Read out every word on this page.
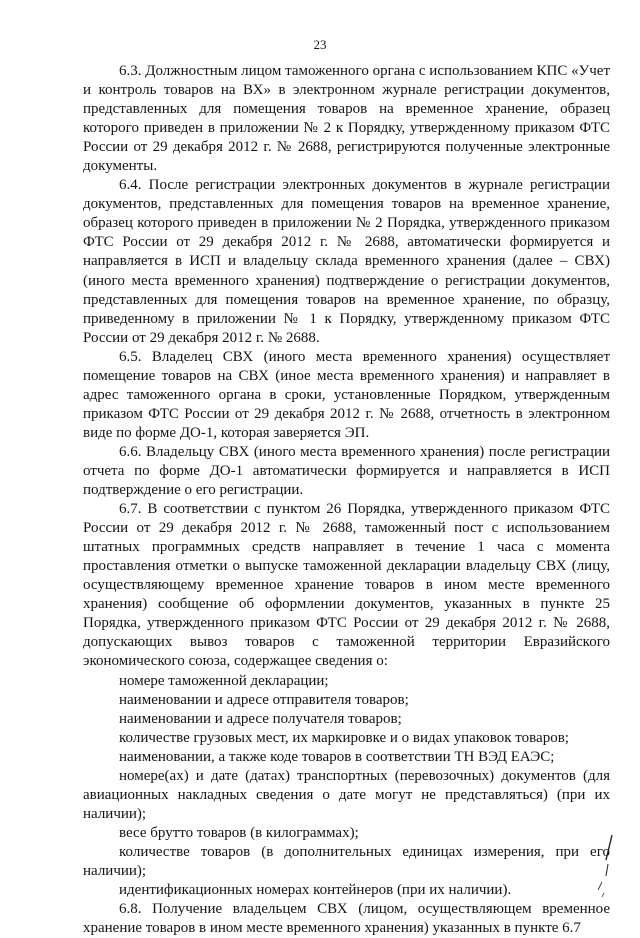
23

6.3. Должностным лицом таможенного органа с использованием КПС «Учет и контроль товаров на ВХ» в электронном журнале регистрации документов, представленных для помещения товаров на временное хранение, образец которого приведен в приложении № 2 к Порядку, утвержденному приказом ФТС России от 29 декабря 2012 г. № 2688, регистрируются полученные электронные документы.

6.4. После регистрации электронных документов в журнале регистрации документов, представленных для помещения товаров на временное хранение, образец которого приведен в приложении № 2 Порядка, утвержденного приказом ФТС России от 29 декабря 2012 г. № 2688, автоматически формируется и направляется в ИСП и владельцу склада временного хранения (далее – СВХ) (иного места временного хранения) подтверждение о регистрации документов, представленных для помещения товаров на временное хранение, по образцу, приведенному в приложении № 1 к Порядку, утвержденному приказом ФТС России от 29 декабря 2012 г. № 2688.

6.5. Владелец СВХ (иного места временного хранения) осуществляет помещение товаров на СВХ (иное места временного хранения) и направляет в адрес таможенного органа в сроки, установленные Порядком, утвержденным приказом ФТС России от 29 декабря 2012 г. № 2688, отчетность в электронном виде по форме ДО-1, которая заверяется ЭП.

6.6. Владельцу СВХ (иного места временного хранения) после регистрации отчета по форме ДО-1 автоматически формируется и направляется в ИСП подтверждение о его регистрации.

6.7. В соответствии с пунктом 26 Порядка, утвержденного приказом ФТС России от 29 декабря 2012 г. № 2688, таможенный пост с использованием штатных программных средств направляет в течение 1 часа с момента проставления отметки о выпуске таможенной декларации владельцу СВХ (лицу, осуществляющему временное хранение товаров в ином месте временного хранения) сообщение об оформлении документов, указанных в пункте 25 Порядка, утвержденного приказом ФТС России от 29 декабря 2012 г. № 2688, допускающих вывоз товаров с таможенной территории Евразийского экономического союза, содержащее сведения о:

номере таможенной декларации;

наименовании и адресе отправителя товаров;

наименовании и адресе получателя товаров;

количестве грузовых мест, их маркировке и о видах упаковок товаров;

наименовании, а также коде товаров в соответствии ТН ВЭД ЕАЭС;

номере(ах) и дате (датах) транспортных (перевозочных) документов (для авиационных накладных сведения о дате могут не представляться) (при их наличии);

весе брутто товаров (в килограммах);

количестве товаров (в дополнительных единицах измерения, при его наличии);

идентификационных номерах контейнеров (при их наличии).

6.8. Получение владельцем СВХ (лицом, осуществляющем временное хранение товаров в ином месте временного хранения) указанных в пункте 6.7
